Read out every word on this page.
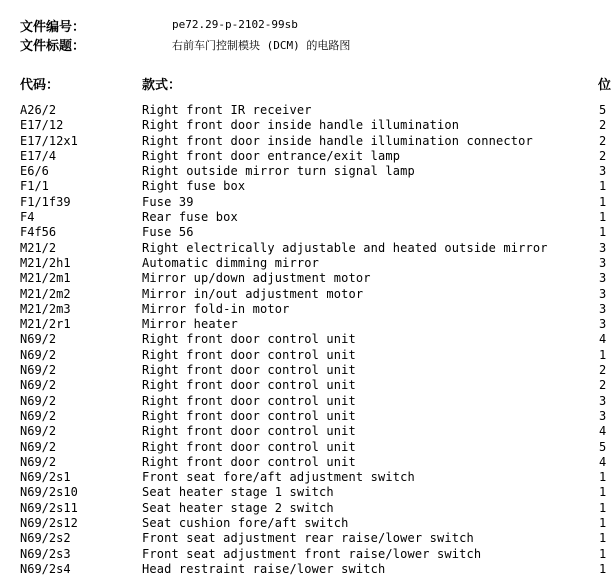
文件编号：	pe72.29-p-2102-99sb
文件标题：	右前车门控制模块 (DCM) 的电路图
代码：	款式：	位
A26/2	Right front IR receiver	5
E17/12	Right front door inside handle illumination	2
E17/12x1	Right front door inside handle illumination connector	2
E17/4	Right front door entrance/exit lamp	2
E6/6	Right outside mirror turn signal lamp	3
F1/1	Right fuse box	1
F1/1f39	Fuse 39	1
F4	Rear fuse box	1
F4f56	Fuse 56	1
M21/2	Right electrically adjustable and heated outside mirror	3
M21/2h1	Automatic dimming mirror	3
M21/2m1	Mirror up/down adjustment motor	3
M21/2m2	Mirror in/out adjustment motor	3
M21/2m3	Mirror fold-in motor	3
M21/2r1	Mirror heater	3
N69/2	Right front door control unit	4
N69/2	Right front door control unit	1
N69/2	Right front door control unit	2
N69/2	Right front door control unit	2
N69/2	Right front door control unit	3
N69/2	Right front door control unit	3
N69/2	Right front door control unit	4
N69/2	Right front door control unit	5
N69/2	Right front door control unit	4
N69/2s1	Front seat fore/aft adjustment switch	1
N69/2s10	Seat heater stage 1 switch	1
N69/2s11	Seat heater stage 2 switch	1
N69/2s12	Seat cushion fore/aft switch	1
N69/2s2	Front seat adjustment rear raise/lower switch	1
N69/2s3	Front seat adjustment front raise/lower switch	1
N69/2s4	Head restraint raise/lower switch	1
